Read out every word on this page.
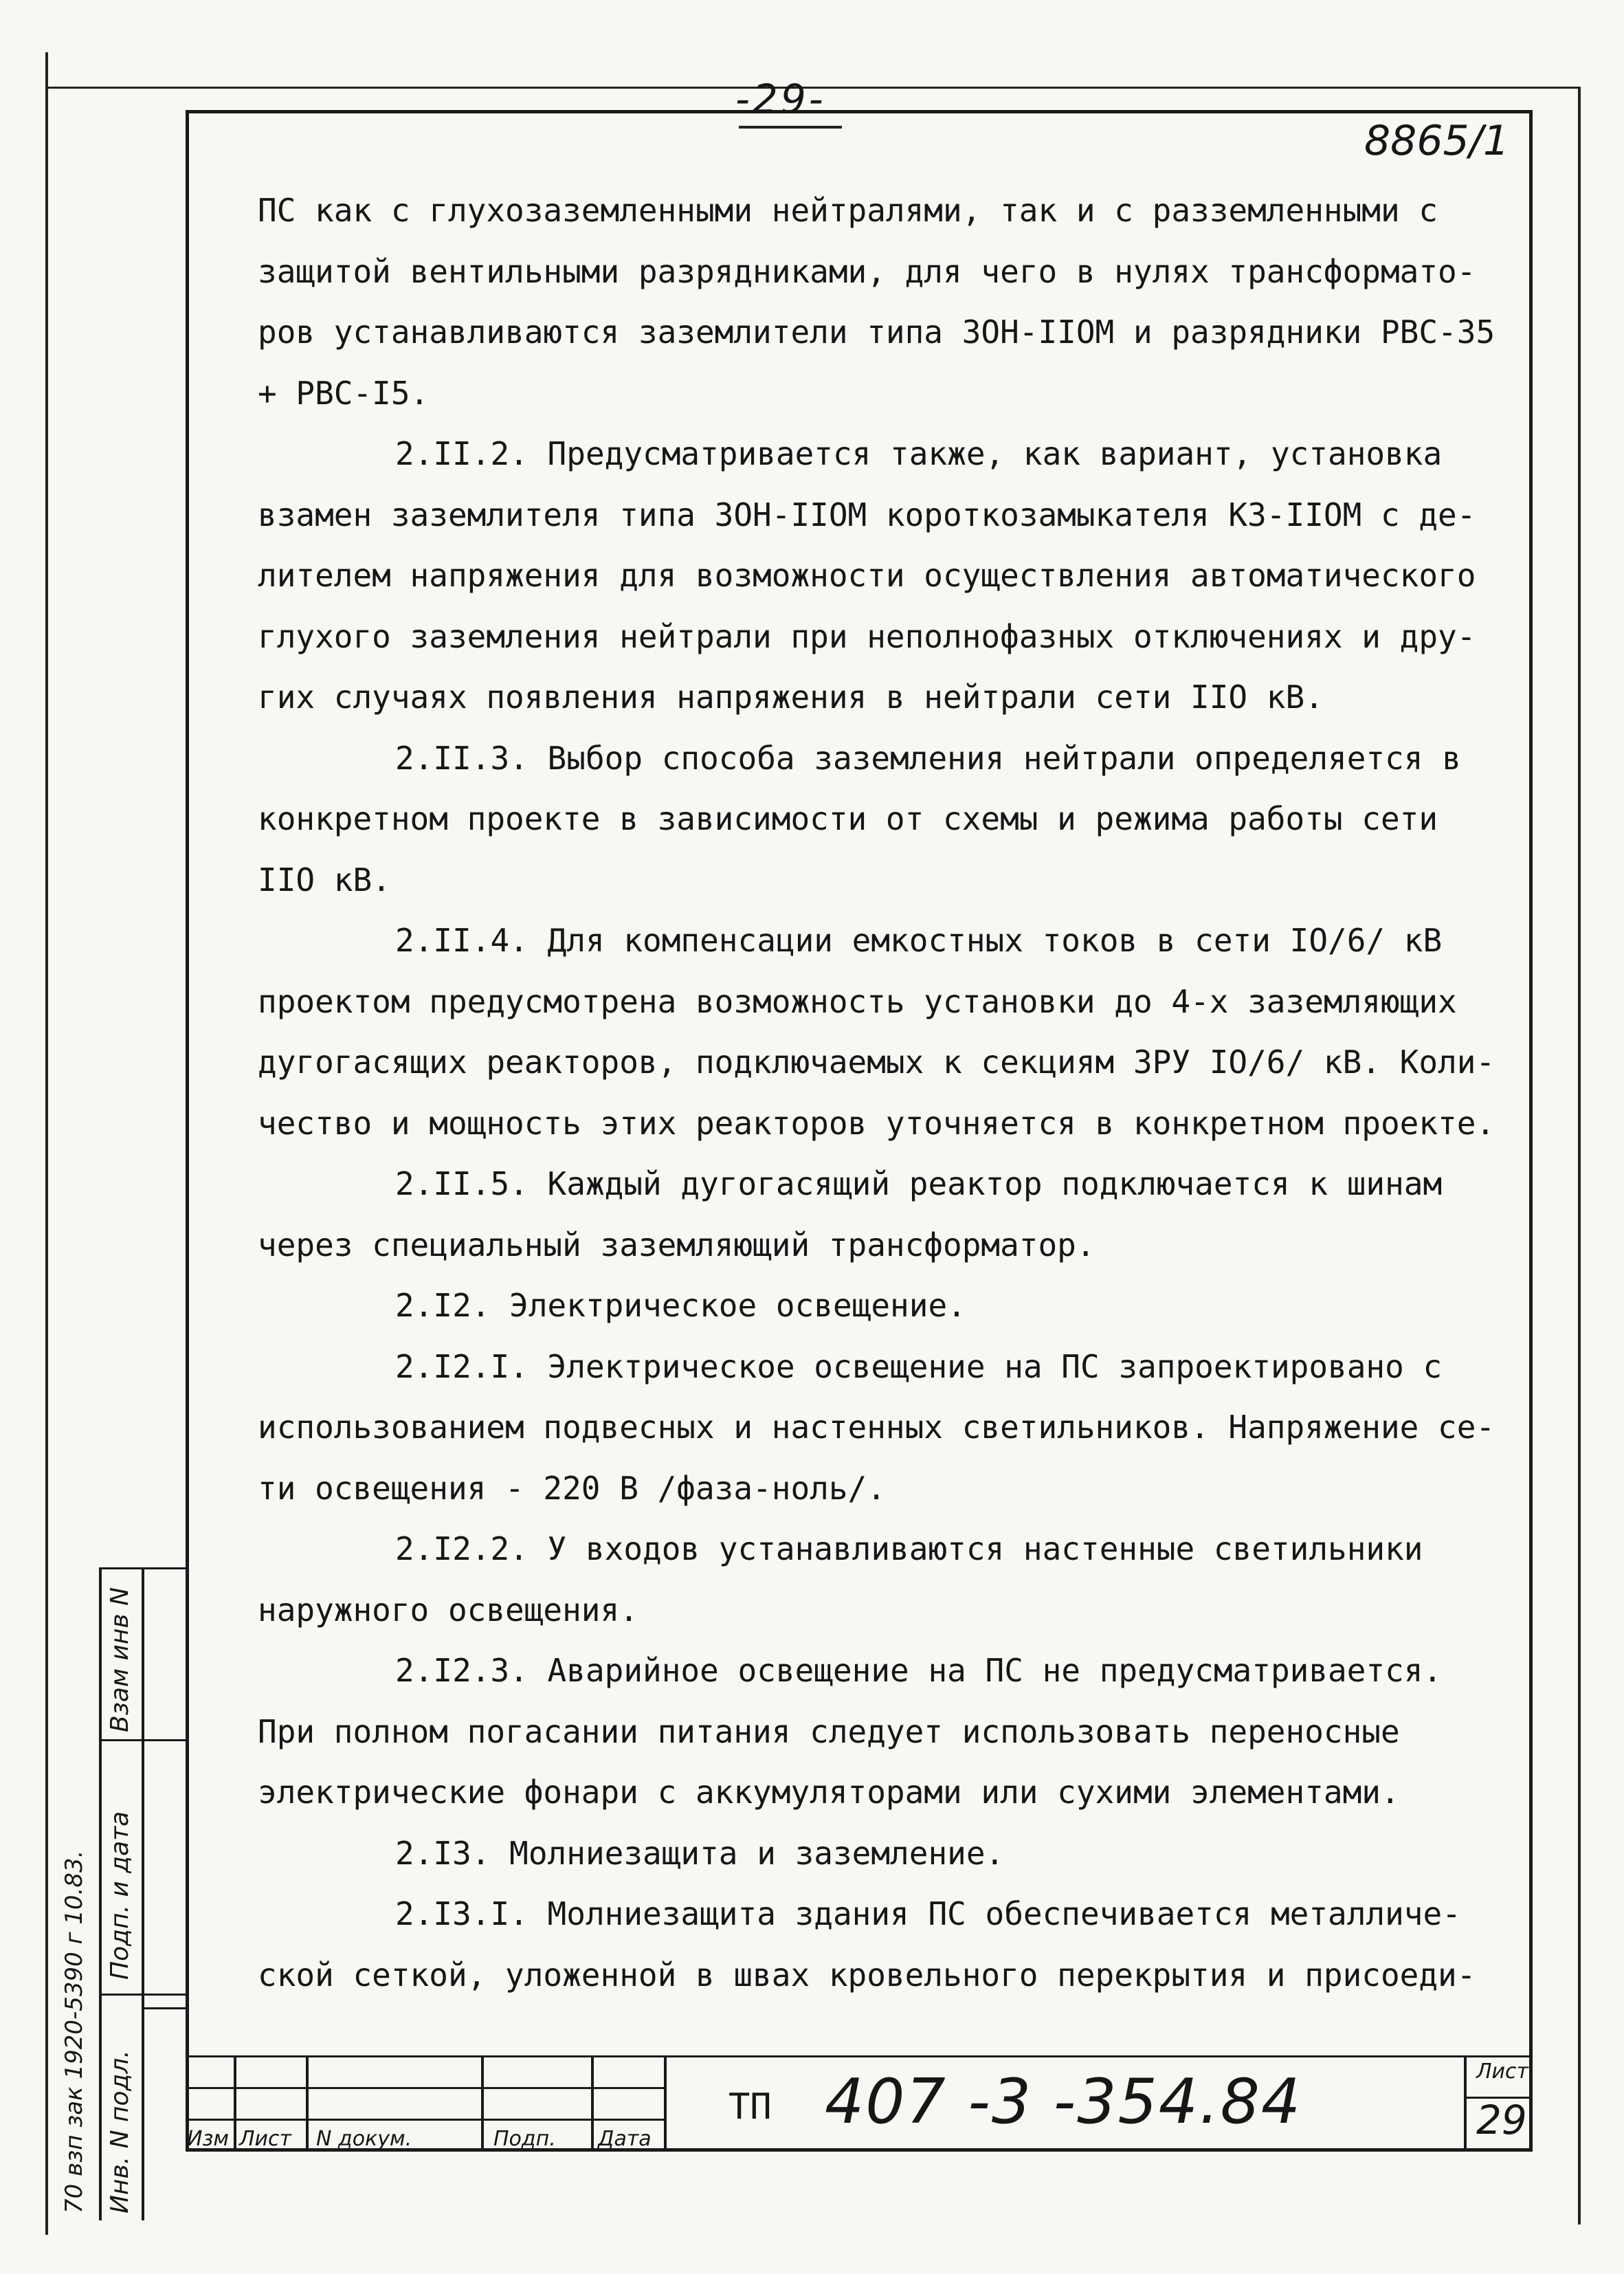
-29-
8865/1
ПС как с глухозаземленными нейтралями, так и с разземленными с
защитой вентильными разрядниками, для чего в нулях трансформато-
ров устанавливаются заземлители типа ЗОН-IIОМ и разрядники РВС-35
+ РВС-I5.
2.II.2. Предусматривается также, как вариант, установка
взамен заземлителя типа ЗОН-IIОМ короткозамыкателя КЗ-IIОМ с де-
лителем напряжения для возможности осуществления автоматического
глухого заземления нейтрали при неполнофазных отключениях и дру-
гих случаях появления напряжения в нейтрали сети IIО кВ.
2.II.3. Выбор способа заземления нейтрали определяется в
конкретном проекте в зависимости от схемы и режима работы сети
IIО кВ.
2.II.4. Для компенсации емкостных токов в сети IО/6/ кВ
проектом предусмотрена возможность установки до 4-х заземляющих
дугогасящих реакторов, подключаемых к секциям ЗРУ IО/6/ кВ. Коли-
чество и мощность этих реакторов уточняется в конкретном проекте.
2.II.5. Каждый дугогасящий реактор подключается к шинам
через специальный заземляющий трансформатор.
2.I2. Электрическое освещение.
2.I2.I. Электрическое освещение на ПС запроектировано с
использованием подвесных и настенных светильников. Напряжение се-
ти освещения - 220 В /фаза-ноль/.
2.I2.2. У входов устанавливаются настенные светильники
наружного освещения.
2.I2.3. Аварийное освещение на ПС не предусматривается.
При полном погасании питания следует использовать переносные
электрические фонари с аккумуляторами или сухими элементами.
2.I3. Молниезащита и заземление.
2.I3.I. Молниезащита здания ПС обеспечивается металличе-
ской сеткой, уложенной в швах кровельного перекрытия и присоеди-
Изм Лист N докум.	Подп. Дата
ТП 407 -3 -354.84	Лист
29
Взам инв N
Подп. и дата
Инв. N подл.
70 взп зак 1920-5390 г 10.83.
